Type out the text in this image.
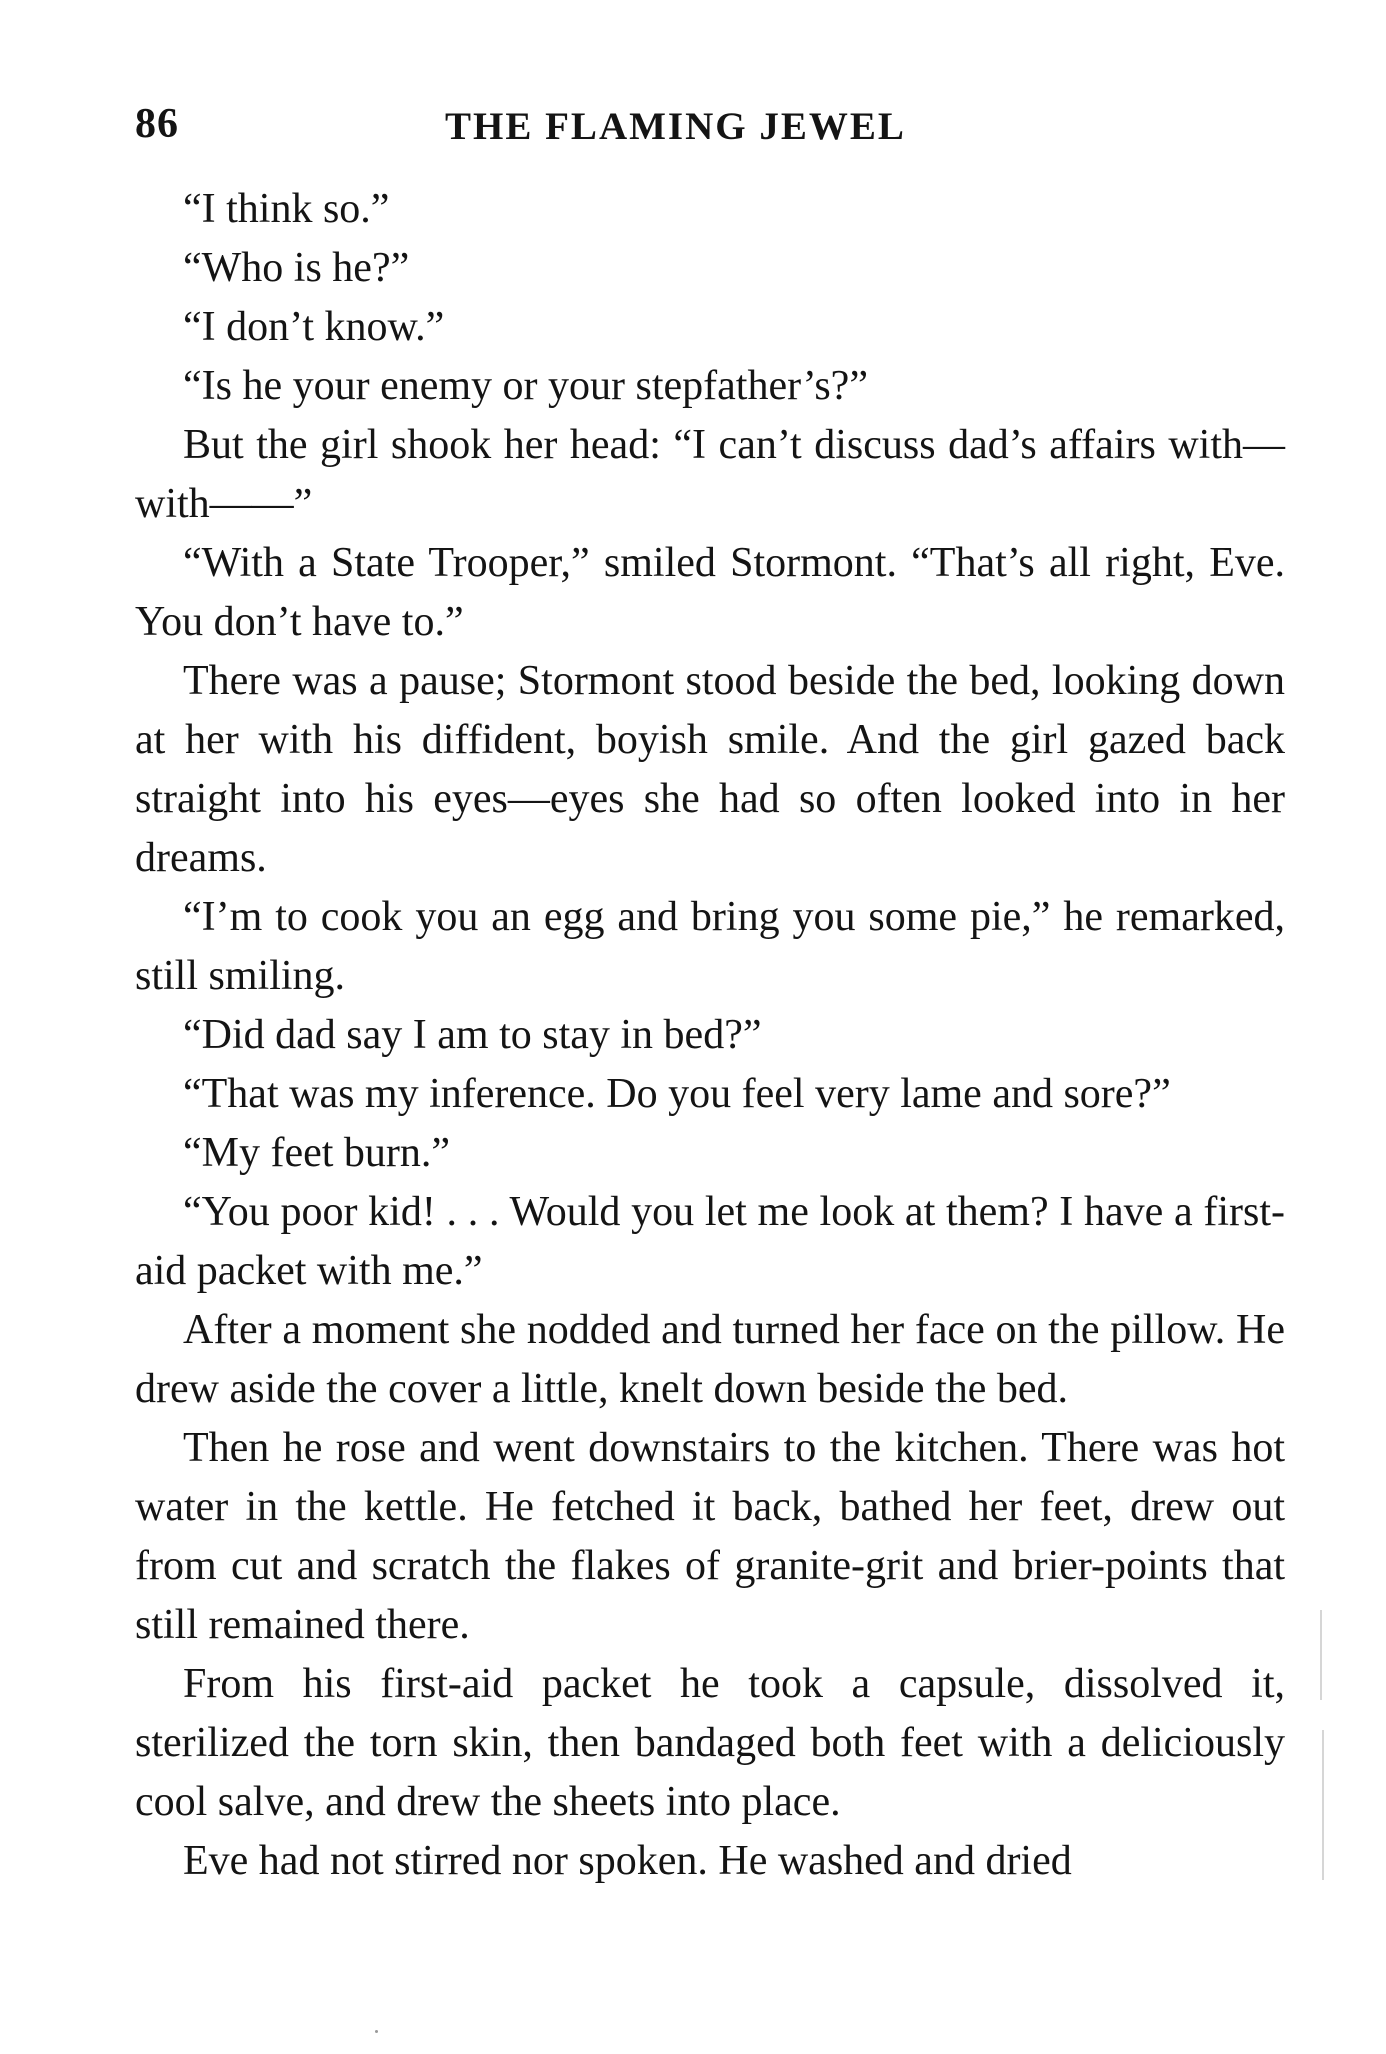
86	THE FLAMING JEWEL

“I think so.”

“Who is he?”

“I don’t know.”

“Is he your enemy or your stepfather’s?”

But the girl shook her head: “I can’t discuss dad’s affairs with—with——”

“With a State Trooper,” smiled Stormont. “That’s all right, Eve. You don’t have to.”

There was a pause; Stormont stood beside the bed, looking down at her with his diffident, boyish smile. And the girl gazed back straight into his eyes—eyes she had so often looked into in her dreams.

“I’m to cook you an egg and bring you some pie,” he remarked, still smiling.

“Did dad say I am to stay in bed?”

“That was my inference. Do you feel very lame and sore?”

“My feet burn.”

“You poor kid! . . . Would you let me look at them? I have a first-aid packet with me.”

After a moment she nodded and turned her face on the pillow. He drew aside the cover a little, knelt down beside the bed.

Then he rose and went downstairs to the kitchen. There was hot water in the kettle. He fetched it back, bathed her feet, drew out from cut and scratch the flakes of granite-grit and brier-points that still remained there.

From his first-aid packet he took a capsule, dissolved it, sterilized the torn skin, then bandaged both feet with a deliciously cool salve, and drew the sheets into place.

Eve had not stirred nor spoken. He washed and dried
